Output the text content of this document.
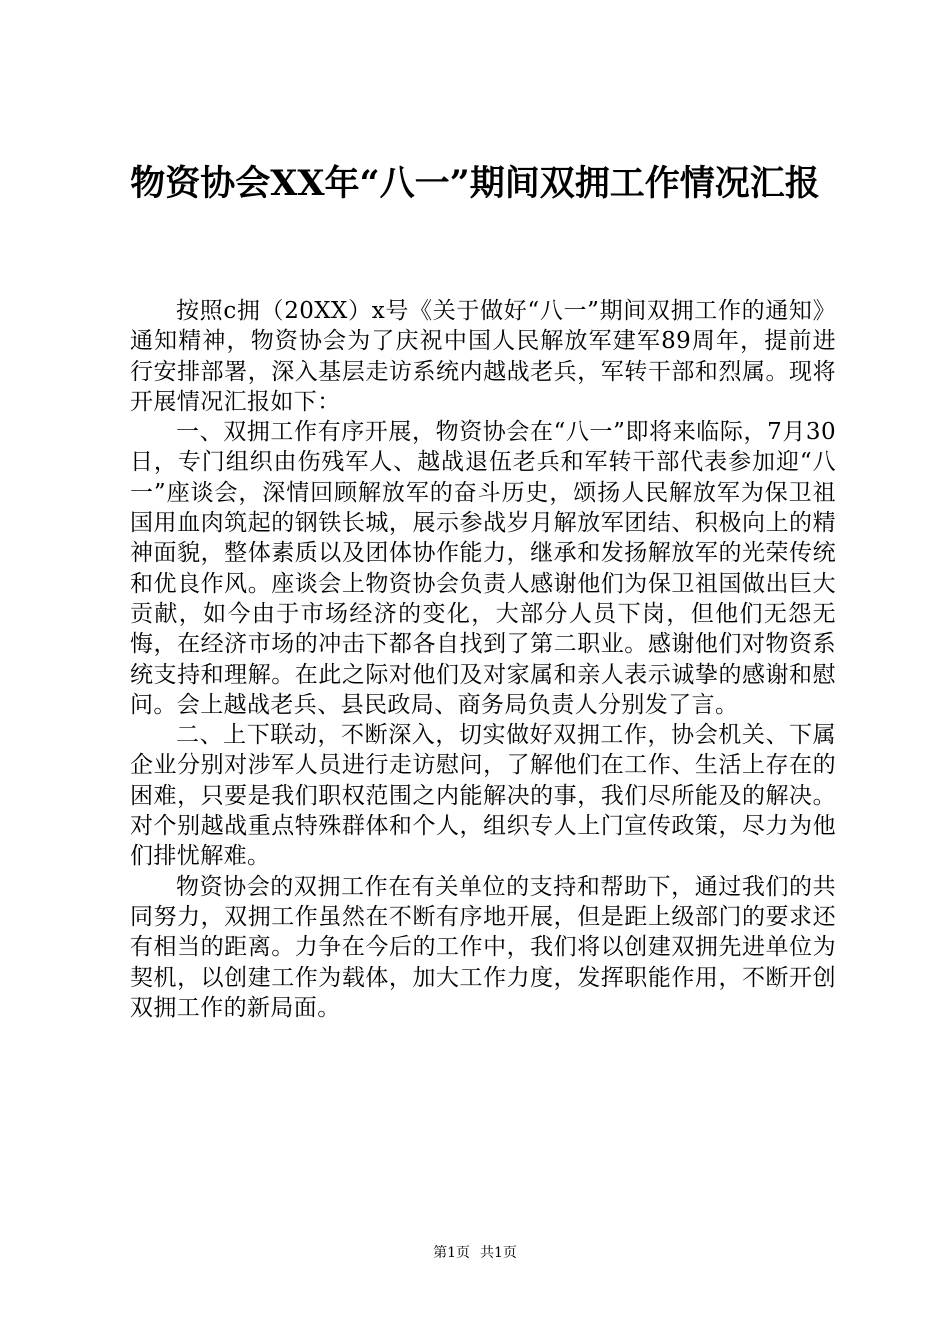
物资协会XX年“八一”期间双拥工作情况汇报

按照c拥（20XX）x号《关于做好“八一”期间双拥工作的通知》通知精神，物资协会为了庆祝中国人民解放军建军89周年，提前进行安排部署，深入基层走访系统内越战老兵，军转干部和烈属。现将开展情况汇报如下：

一、双拥工作有序开展，物资协会在“八一”即将来临际，7月30日，专门组织由伤残军人、越战退伍老兵和军转干部代表参加迎“八一”座谈会，深情回顾解放军的奋斗历史，颂扬人民解放军为保卫祖国用血肉筑起的钢铁长城，展示参战岁月解放军团结、积极向上的精神面貌，整体素质以及团体协作能力，继承和发扬解放军的光荣传统和优良作风。座谈会上物资协会负责人感谢他们为保卫祖国做出巨大贡献，如今由于市场经济的变化，大部分人员下岗，但他们无怨无悔，在经济市场的冲击下都各自找到了第二职业。感谢他们对物资系统支持和理解。在此之际对他们及对家属和亲人表示诚挚的感谢和慰问。会上越战老兵、县民政局、商务局负责人分别发了言。

二、上下联动，不断深入，切实做好双拥工作，协会机关、下属企业分别对涉军人员进行走访慰问，了解他们在工作、生活上存在的困难，只要是我们职权范围之内能解决的事，我们尽所能及的解决。对个别越战重点特殊群体和个人，组织专人上门宣传政策，尽力为他们排忧解难。

物资协会的双拥工作在有关单位的支持和帮助下，通过我们的共同努力，双拥工作虽然在不断有序地开展，但是距上级部门的要求还有相当的距离。力争在今后的工作中，我们将以创建双拥先进单位为契机，以创建工作为载体，加大工作力度，发挥职能作用，不断开创双拥工作的新局面。

第1页 共1页
